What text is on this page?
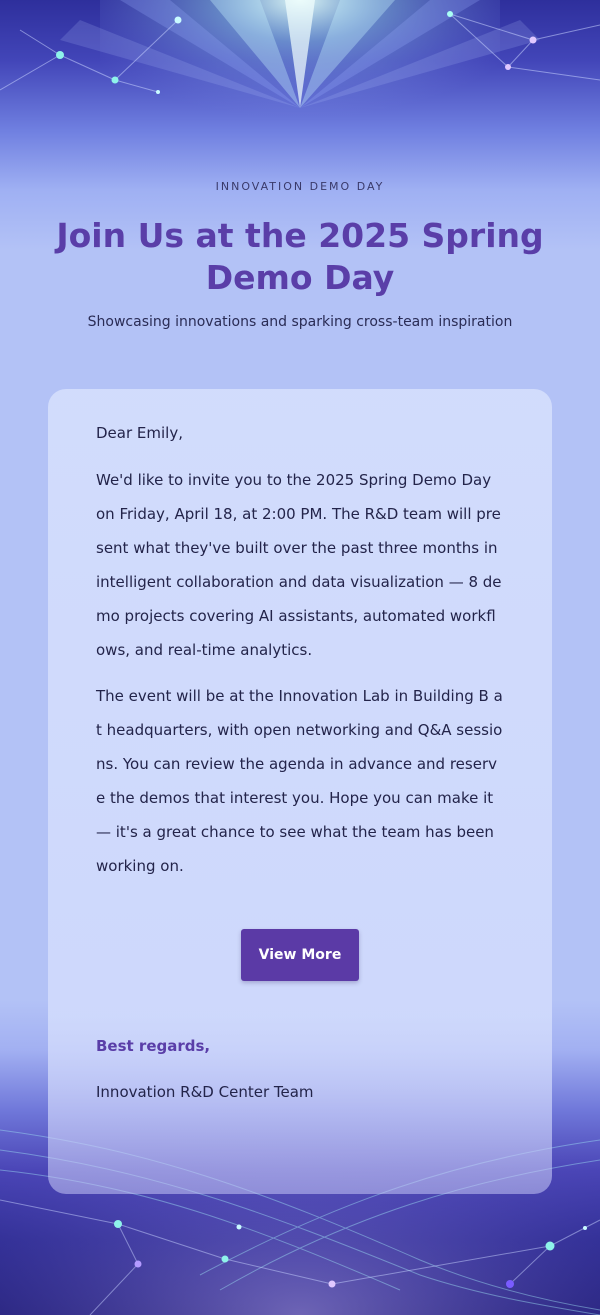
INNOVATION DEMO DAY
Join Us at the 2025 Spring Demo Day
Showcasing innovations and sparking cross-team inspiration

Dear Emily,

We'd like to invite you to the 2025 Spring Demo Day on Friday, April 18, at 2:00 PM. The R&D team will present what they've built over the past three months in intelligent collaboration and data visualization — 8 demo projects covering AI assistants, automated workflows, and real-time analytics.

The event will be at the Innovation Lab in Building B at headquarters, with open networking and Q&A sessions. You can review the agenda in advance and reserve the demos that interest you. Hope you can make it — it's a great chance to see what the team has been working on.

View More
Best regards,
Innovation R&D Center Team
